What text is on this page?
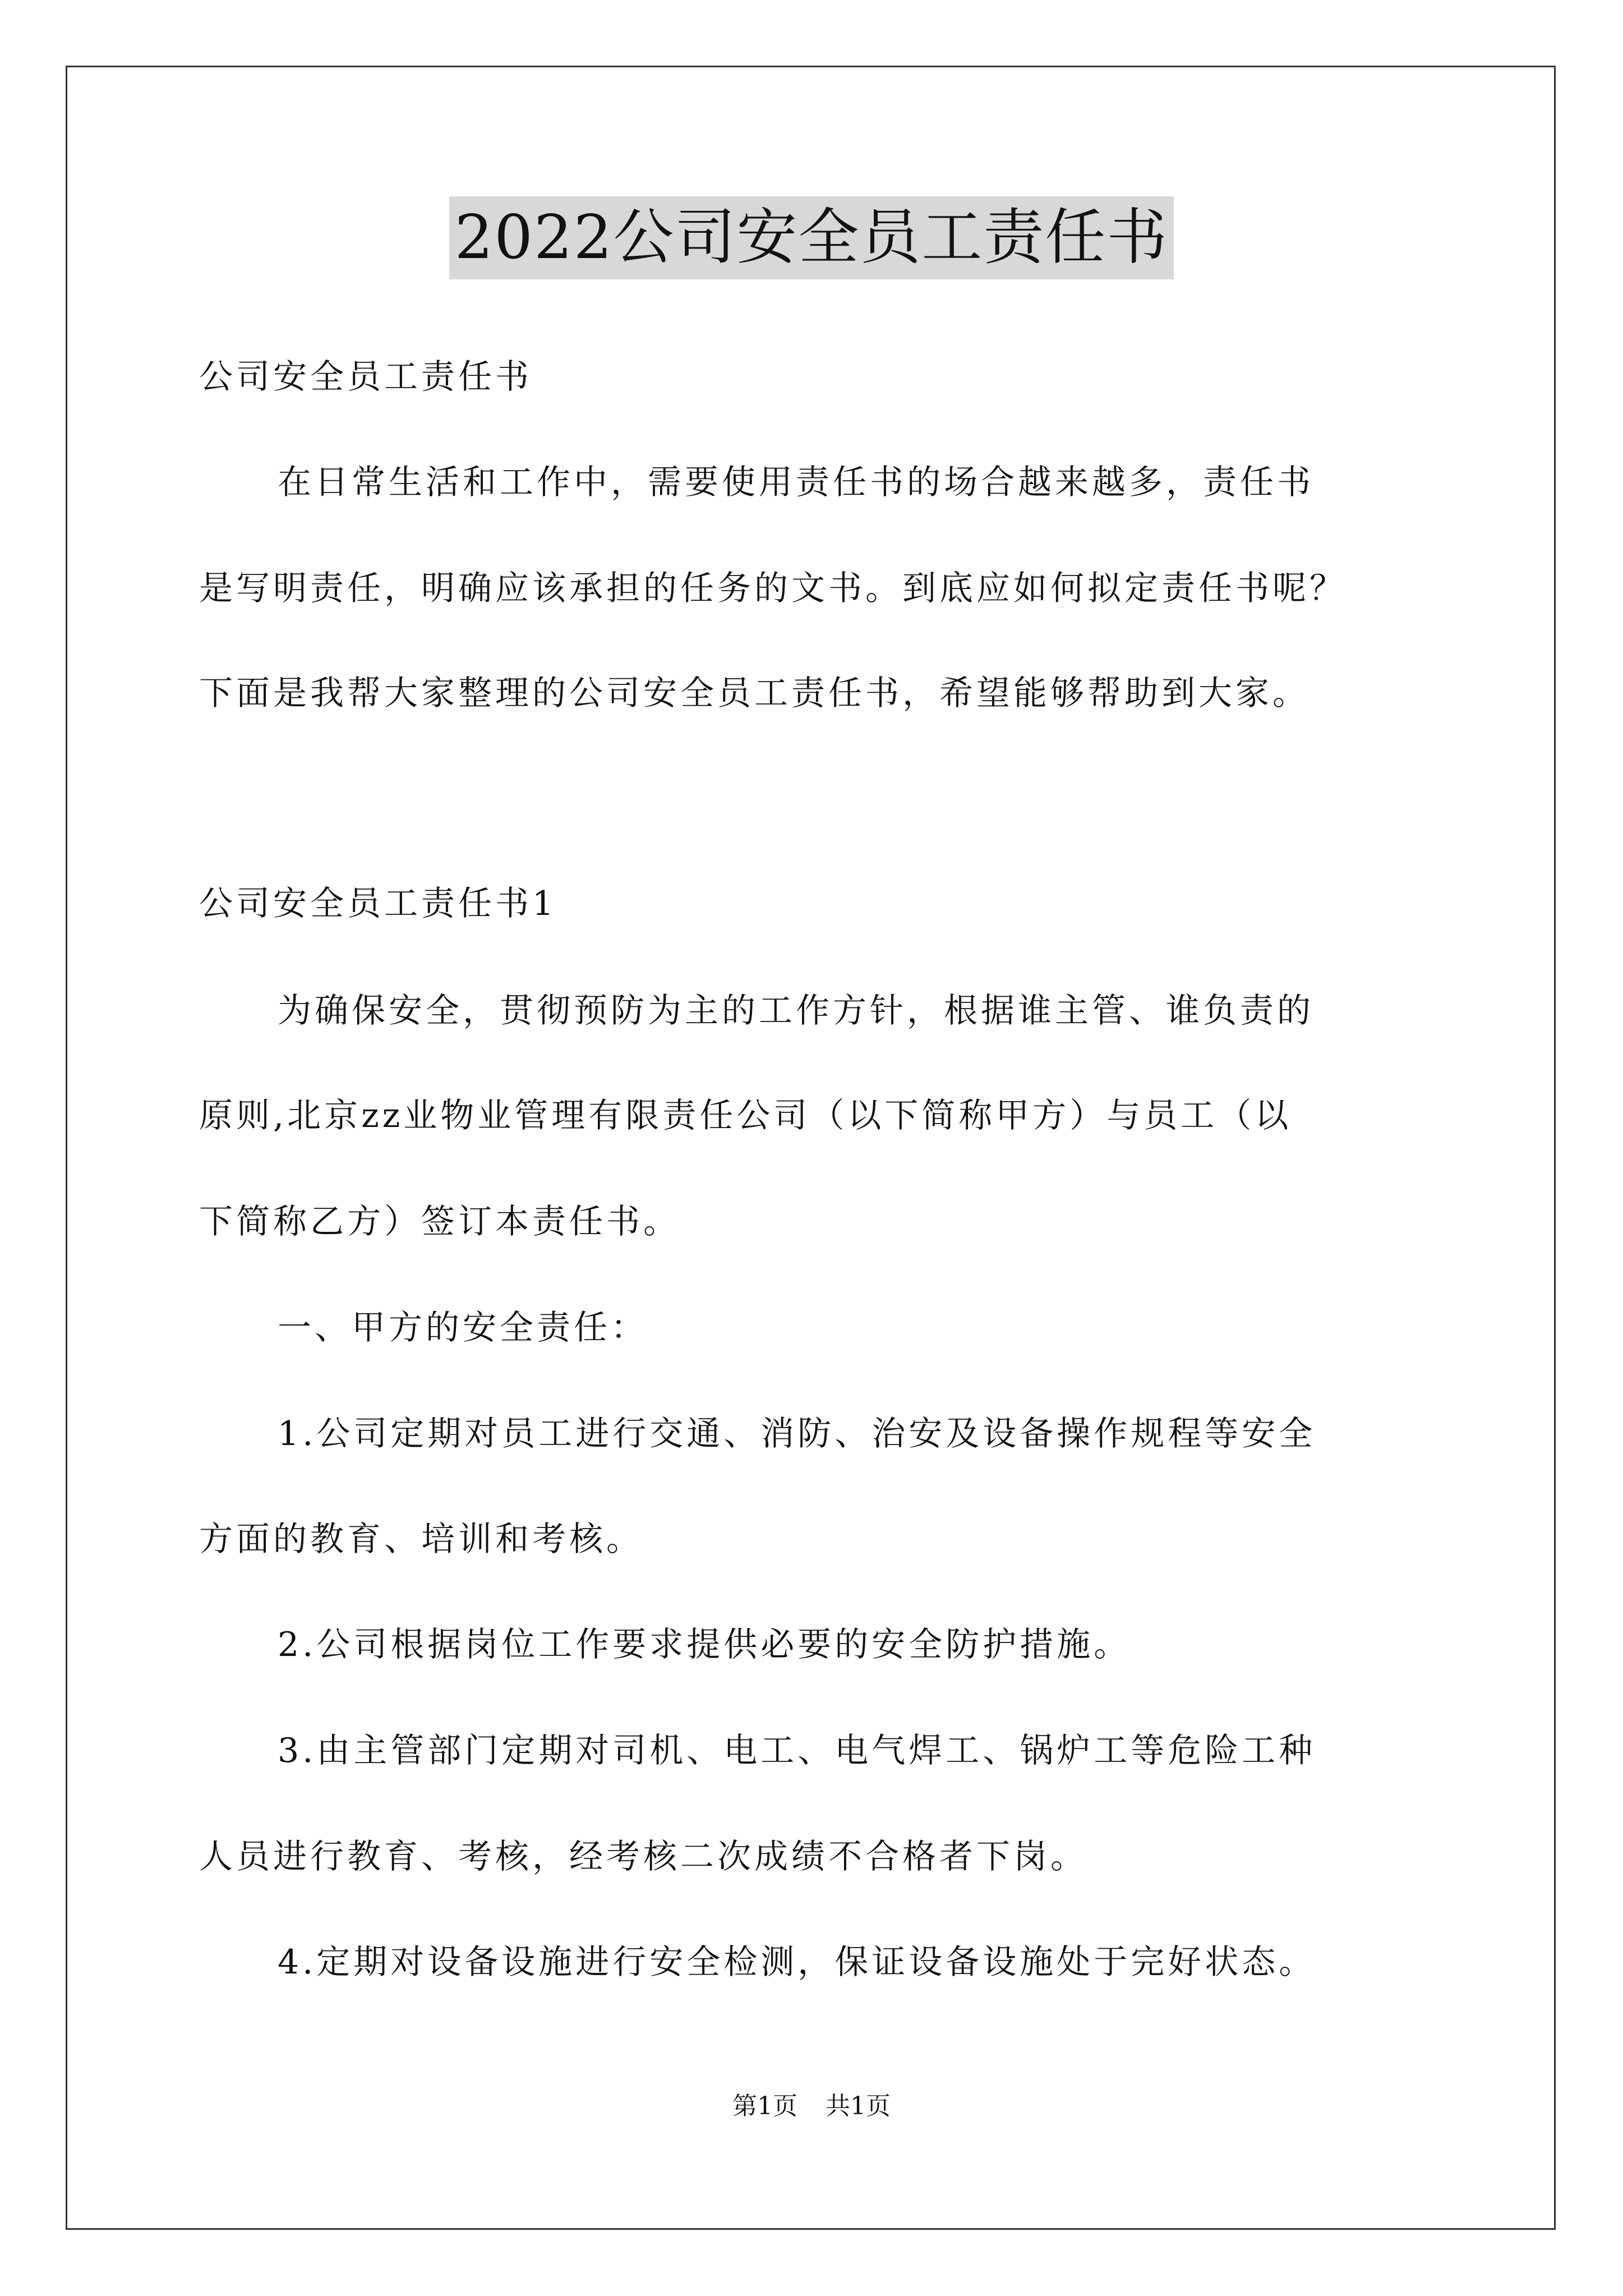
2022公司安全员工责任书
公司安全员工责任书
在日常生活和工作中，需要使用责任书的场合越来越多，责任书
是写明责任，明确应该承担的任务的文书。到底应如何拟定责任书呢？
下面是我帮大家整理的公司安全员工责任书，希望能够帮助到大家。
公司安全员工责任书1
为确保安全，贯彻预防为主的工作方针，根据谁主管、谁负责的
原则,北京zz业物业管理有限责任公司（以下简称甲方）与员工（以
下简称乙方）签订本责任书。
一、甲方的安全责任：
1.公司定期对员工进行交通、消防、治安及设备操作规程等安全
方面的教育、培训和考核。
2.公司根据岗位工作要求提供必要的安全防护措施。
3.由主管部门定期对司机、电工、电气焊工、锅炉工等危险工种
人员进行教育、考核，经考核二次成绩不合格者下岗。
4.定期对设备设施进行安全检测，保证设备设施处于完好状态。
第1页 共1页
